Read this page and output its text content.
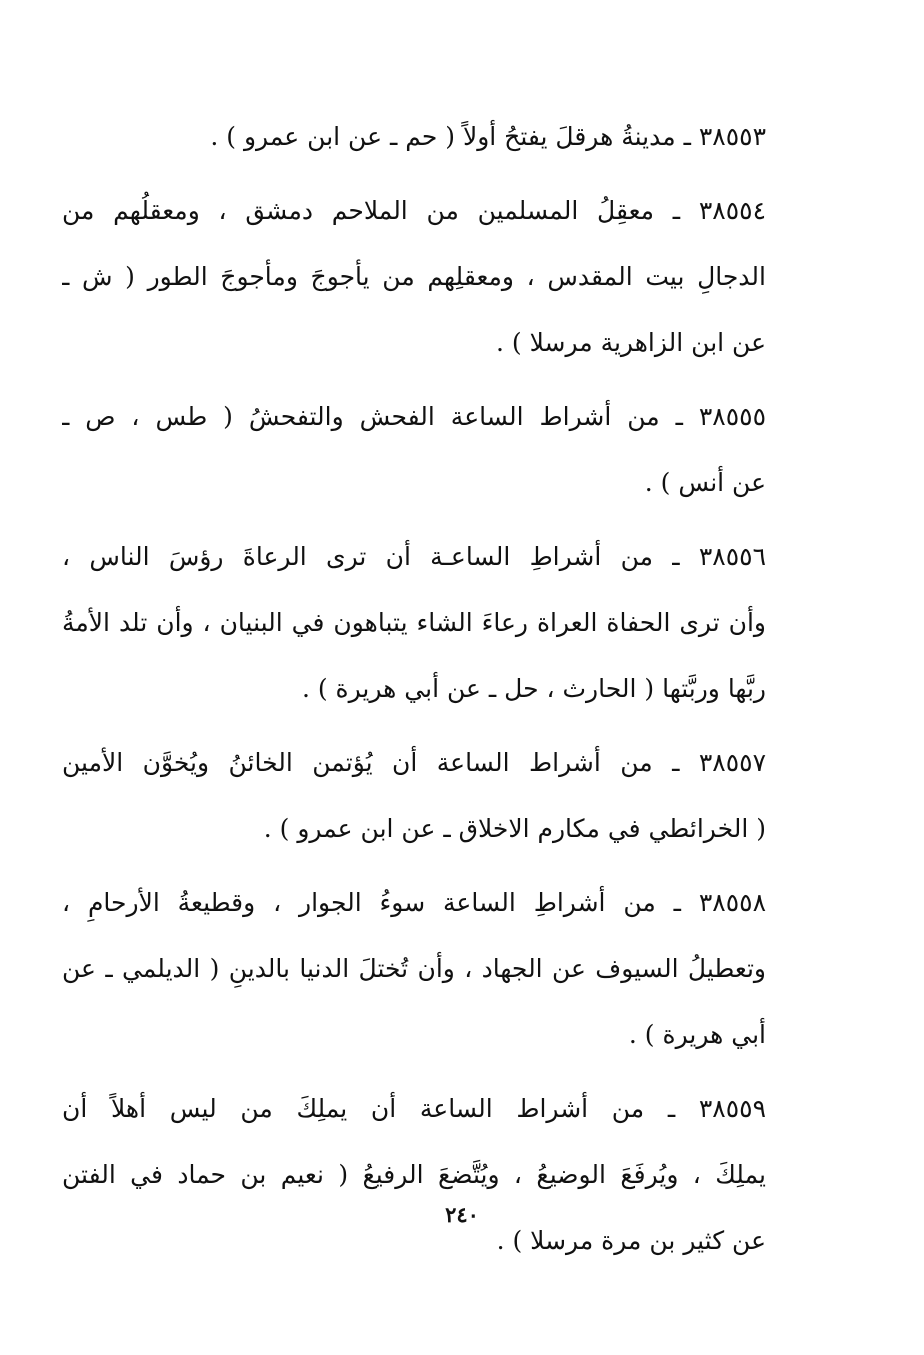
٣٨٥٥٣ ـ مدينةُ هرقلَ يفتحُ أولاً ( حم ـ عن ابن عمرو ) .
٣٨٥٥٤ ـ معقِلُ المسلمين من الملاحم دمشق ، ومعقلُهم من
الدجالِ بيت المقدس ، ومعقلِهم من يأجوجَ ومأجوجَ الطور ( ش ـ
عن ابن الزاهرية مرسلا ) .
٣٨٥٥٥ ـ من أشراط الساعة الفحش والتفحشُ ( طس ، ص ـ
عن أنس ) .
٣٨٥٥٦ ـ من أشراطِ الساعـة أن ترى الرعاةَ رؤسَ الناس ،
وأن ترى الحفاة العراة رعاءَ الشاء يتباهون في البنيان ، وأن تلد الأمةُ
ربَّها وربَّتها ( الحارث ، حل ـ عن أبي هريرة ) .
٣٨٥٥٧ ـ من أشراط الساعة أن يُؤتمن الخائنُ ويُخوَّن الأمين
( الخرائطي في مكارم الاخلاق ـ عن ابن عمرو ) .
٣٨٥٥٨ ـ من أشراطِ الساعة سوءُ الجوار ، وقطيعةُ الأرحامِ ،
وتعطيلُ السيوف عن الجهاد ، وأن تُختلَ الدنيا بالدينِ ( الديلمي ـ عن
أبي هريرة ) .
٣٨٥٥٩ ـ من أشراط الساعة أن يملِكَ من ليس أهلاً أن
يملِكَ ، ويُرفَعَ الوضيعُ ، ويُتَّضعَ الرفيعُ ( نعيم بن حماد في الفتن
عن كثير بن مرة مرسلا ) .
٢٤٠
